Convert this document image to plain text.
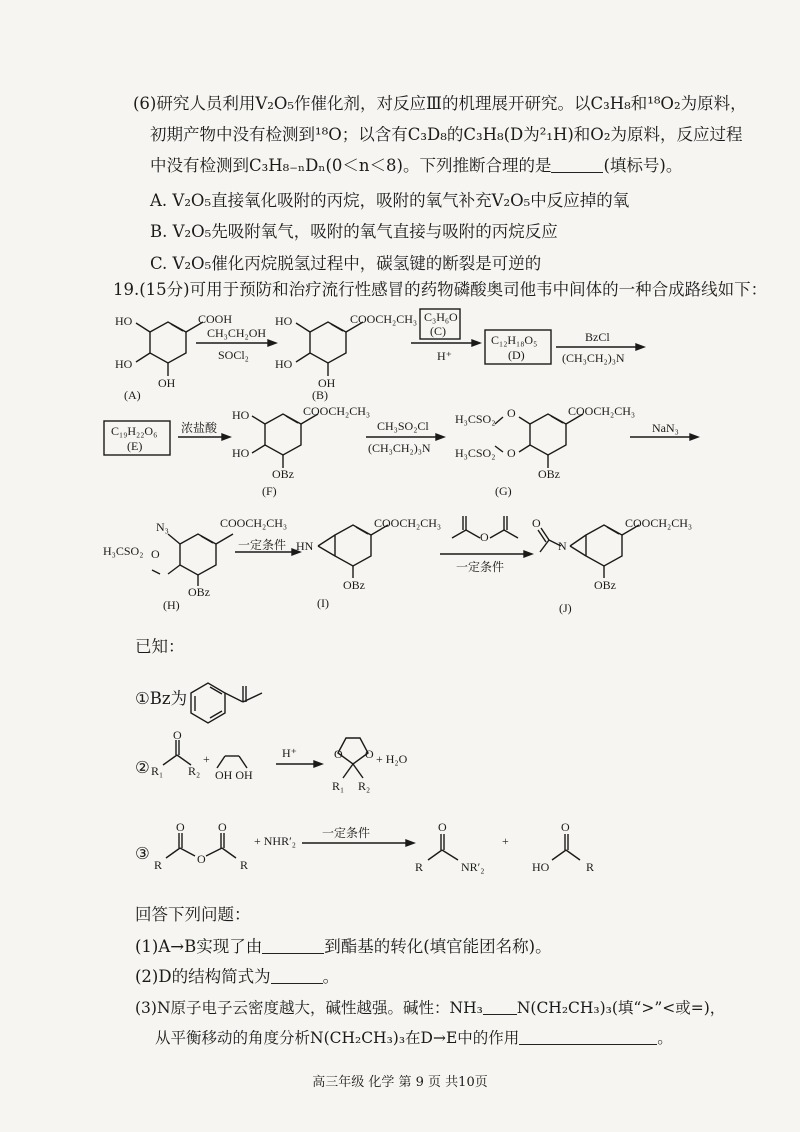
(6)研究人员利用V₂O₅作催化剂，对反应Ⅲ的机理展开研究。以C₃H₈和¹⁸O₂为原料，
初期产物中没有检测到¹⁸O；以含有C₃D₈的C₃H₈(D为²₁H)和O₂为原料，反应过程
中没有检测到C₃H₈₋ₙDₙ(0＜n＜8)。下列推断合理的是	(填标号)。
A. V₂O₅直接氧化吸附的丙烷，吸附的氧气补充V₂O₅中反应掉的氧
B. V₂O₅先吸附氧气，吸附的氧气直接与吸附的丙烷反应
C. V₂O₅催化丙烷脱氢过程中，碳氢键的断裂是可逆的
19.(15分)可用于预防和治疗流行性感冒的药物磷酸奥司他韦中间体的一种合成路线如下：
HO
HO
OH
COOH
(A)
CH₃CH₂OH
SOCl₂
HO
HO
OH
COOCH₂CH₃
(B)
C₃H₆O
(C)
H⁺
C₁₂H₁₈O₅
(D)
BzCl
(CH₃CH₂)₃N
C₁₉H₂₂O₆
(E)
浓盐酸
HO
HO
COOCH₂CH₃
OBz
(F)
CH₃SO₂Cl
(CH₃CH₂)₃N
H₃CSO₂
H₃CSO₂
O
O
COOCH₂CH₃
OBz
(G)
NaN₃
N₃
H₃CSO₂ O
COOCH₂CH₃
OBz
(H)
一定条件 HN
COOCH₂CH₃
OBz
(I)
O
一定条件
N
O	COOCH₂CH₃
OBz
(J)
已知：
①Bz为
② R₁ R₂
O
+
OH OH
H⁺	O O
R₁ R₂
+ H₂O
③
R	O
O	O
R
+ NHR′₂
一定条件
R
O
NR′₂
+
HO
O
R
回答下列问题：
(1)A→B实现了由	到酯基的转化(填官能团名称)。
(2)D的结构简式为	。
(3)N原子电子云密度越大，碱性越强。碱性：NH₃ N(CH₂CH₃)₃(填“>”<或=)，
从平衡移动的角度分析N(CH₂CH₃)₃在D→E中的作用	。
高三年级 化学 第 9 页 共10页
